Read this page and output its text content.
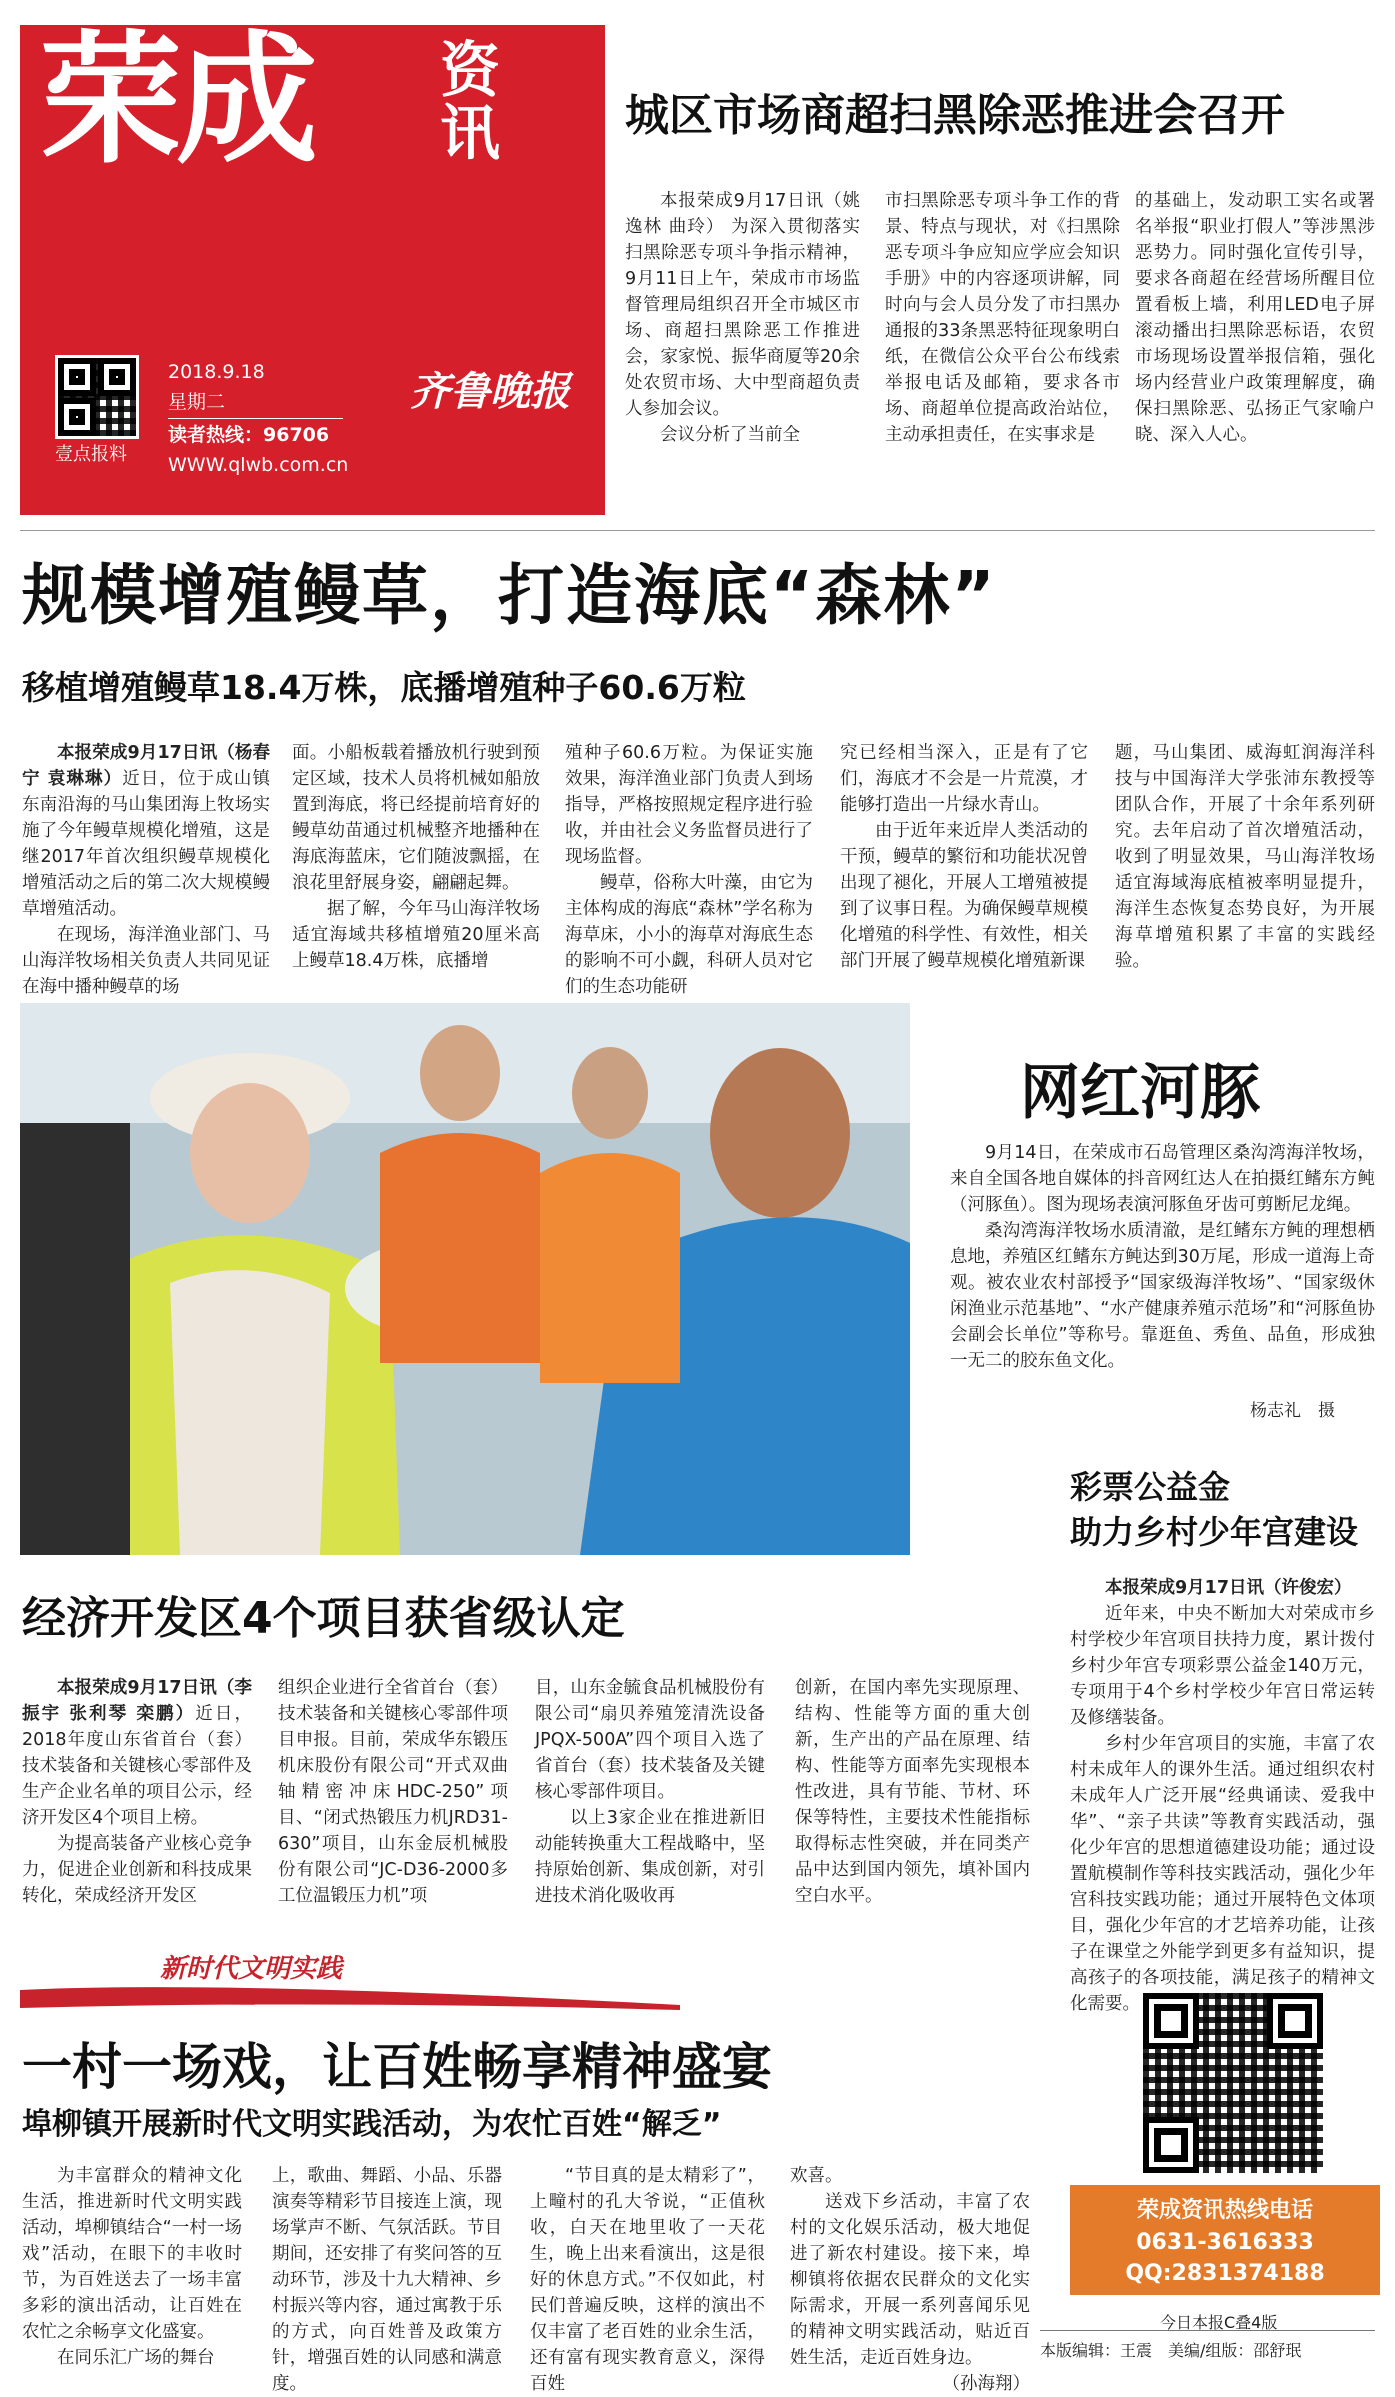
荣成 资讯
壹点报料
2018.9.18
星期二
读者热线：96706
WWW.qlwb.com.cn
齐鲁晚报
城区市场商超扫黑除恶推进会召开

本报荣成9月17日讯（姚逸林 曲玲） 为深入贯彻落实扫黑除恶专项斗争指示精神，9月11日上午，荣成市市场监督管理局组织召开全市城区市场、商超扫黑除恶工作推进会，家家悦、振华商厦等20余处农贸市场、大中型商超负责人参加会议。

会议分析了当前全

市扫黑除恶专项斗争工作的背景、特点与现状，对《扫黑除恶专项斗争应知应学应会知识手册》中的内容逐项讲解，同时向与会人员分发了市扫黑办通报的33条黑恶特征现象明白纸，在微信公众平台公布线索举报电话及邮箱，要求各市场、商超单位提高政治站位，主动承担责任，在实事求是

的基础上，发动职工实名或署名举报“职业打假人”等涉黑涉恶势力。同时强化宣传引导，要求各商超在经营场所醒目位置看板上墙，利用LED电子屏滚动播出扫黑除恶标语，农贸市场现场设置举报信箱，强化场内经营业户政策理解度，确保扫黑除恶、弘扬正气家喻户晓、深入人心。

规模增殖鳗草，打造海底“森林”
移植增殖鳗草18.4万株，底播增殖种子60.6万粒

本报荣成9月17日讯（杨春宁 袁琳琳）近日，位于成山镇东南沿海的马山集团海上牧场实施了今年鳗草规模化增殖，这是继2017年首次组织鳗草规模化增殖活动之后的第二次大规模鳗草增殖活动。

在现场，海洋渔业部门、马山海洋牧场相关负责人共同见证在海中播种鳗草的场

面。小船板载着播放机行驶到预定区域，技术人员将机械如船放置到海底，将已经提前培育好的鳗草幼苗通过机械整齐地播种在海底海蓝床，它们随波飘摇，在浪花里舒展身姿，翩翩起舞。

据了解，今年马山海洋牧场适宜海域共移植增殖20厘米高上鳗草18.4万株，底播增

殖种子60.6万粒。为保证实施效果，海洋渔业部门负责人到场指导，严格按照规定程序进行验收，并由社会义务监督员进行了现场监督。

鳗草，俗称大叶藻，由它为主体构成的海底“森林”学名称为海草床，小小的海草对海底生态的影响不可小觑，科研人员对它们的生态功能研

究已经相当深入，正是有了它们，海底才不会是一片荒漠，才能够打造出一片绿水青山。

由于近年来近岸人类活动的干预，鳗草的繁衍和功能状况曾出现了褪化，开展人工增殖被提到了议事日程。为确保鳗草规模化增殖的科学性、有效性，相关部门开展了鳗草规模化增殖新课

题，马山集团、威海虹润海洋科技与中国海洋大学张沛东教授等团队合作，开展了十余年系列研究。去年启动了首次增殖活动，收到了明显效果，马山海洋牧场适宜海域海底植被率明显提升，海洋生态恢复态势良好，为开展海草增殖积累了丰富的实践经验。

网红河豚

9月14日，在荣成市石岛管理区桑沟湾海洋牧场，来自全国各地自媒体的抖音网红达人在拍摄红鳍东方鲀（河豚鱼）。图为现场表演河豚鱼牙齿可剪断尼龙绳。

桑沟湾海洋牧场水质清澈，是红鳍东方鲀的理想栖息地，养殖区红鳍东方鲀达到30万尾，形成一道海上奇观。被农业农村部授予“国家级海洋牧场”、“国家级休闲渔业示范基地”、“水产健康养殖示范场”和“河豚鱼协会副会长单位”等称号。靠逛鱼、秀鱼、品鱼，形成独一无二的胶东鱼文化。

杨志礼　摄
彩票公益金
助力乡村少年宫建设

本报荣成9月17日讯（许俊宏）

近年来，中央不断加大对荣成市乡村学校少年宫项目扶持力度，累计拨付乡村少年宫专项彩票公益金140万元，专项用于4个乡村学校少年宫日常运转及修缮装备。

乡村少年宫项目的实施，丰富了农村未成年人的课外生活。通过组织农村未成年人广泛开展“经典诵读、爱我中华”、“亲子共读”等教育实践活动，强化少年宫的思想道德建设功能；通过设置航模制作等科技实践活动，强化少年宫科技实践功能；通过开展特色文体项目，强化少年宫的才艺培养功能，让孩子在课堂之外能学到更多有益知识，提高孩子的各项技能，满足孩子的精神文化需要。

经济开发区4个项目获省级认定

本报荣成9月17日讯（李振宇 张利琴 栾鹏）近日，2018年度山东省首台（套）技术装备和关键核心零部件及生产企业名单的项目公示，经济开发区4个项目上榜。

为提高装备产业核心竞争力，促进企业创新和科技成果转化，荣成经济开发区

组织企业进行全省首台（套）技术装备和关键核心零部件项目申报。目前，荣成华东锻压机床股份有限公司“开式双曲轴精密冲床HDC-250”项目、“闭式热锻压力机JRD31-630”项目，山东金辰机械股份有限公司“JC-D36-2000多工位温锻压力机”项

目，山东金毓食品机械股份有限公司“扇贝养殖笼清洗设备JPQX-500A”四个项目入选了省首台（套）技术装备及关键核心零部件项目。

以上3家企业在推进新旧动能转换重大工程战略中，坚持原始创新、集成创新，对引进技术消化吸收再

创新，在国内率先实现原理、结构、性能等方面的重大创新，生产出的产品在原理、结构、性能等方面率先实现根本性改进，具有节能、节材、环保等特性，主要技术性能指标取得标志性突破，并在同类产品中达到国内领先，填补国内空白水平。

新时代文明实践
一村一场戏，让百姓畅享精神盛宴
埠柳镇开展新时代文明实践活动，为农忙百姓“解乏”

为丰富群众的精神文化生活，推进新时代文明实践活动，埠柳镇结合“一村一场戏”活动，在眼下的丰收时节，为百姓送去了一场丰富多彩的演出活动，让百姓在农忙之余畅享文化盛宴。

在同乐汇广场的舞台

上，歌曲、舞蹈、小品、乐器演奏等精彩节目接连上演，现场掌声不断、气氛活跃。节目期间，还安排了有奖问答的互动环节，涉及十九大精神、乡村振兴等内容，通过寓教于乐的方式，向百姓普及政策方针，增强百姓的认同感和满意度。

“节目真的是太精彩了”，上疃村的孔大爷说，“正值秋收，白天在地里收了一天花生，晚上出来看演出，这是很好的休息方式。”不仅如此，村民们普遍反映，这样的演出不仅丰富了老百姓的业余生活，还有富有现实教育意义，深得百姓

欢喜。

送戏下乡活动，丰富了农村的文化娱乐活动，极大地促进了新农村建设。接下来，埠柳镇将依据农民群众的文化实际需求，开展一系列喜闻乐见的精神文明实践活动，贴近百姓生活，走近百姓身边。

（孙海翔）

荣成资讯热线电话
0631-3616333
QQ:2831374188
今日本报C叠4版
本版编辑：王震　美编/组版：邵舒珉
